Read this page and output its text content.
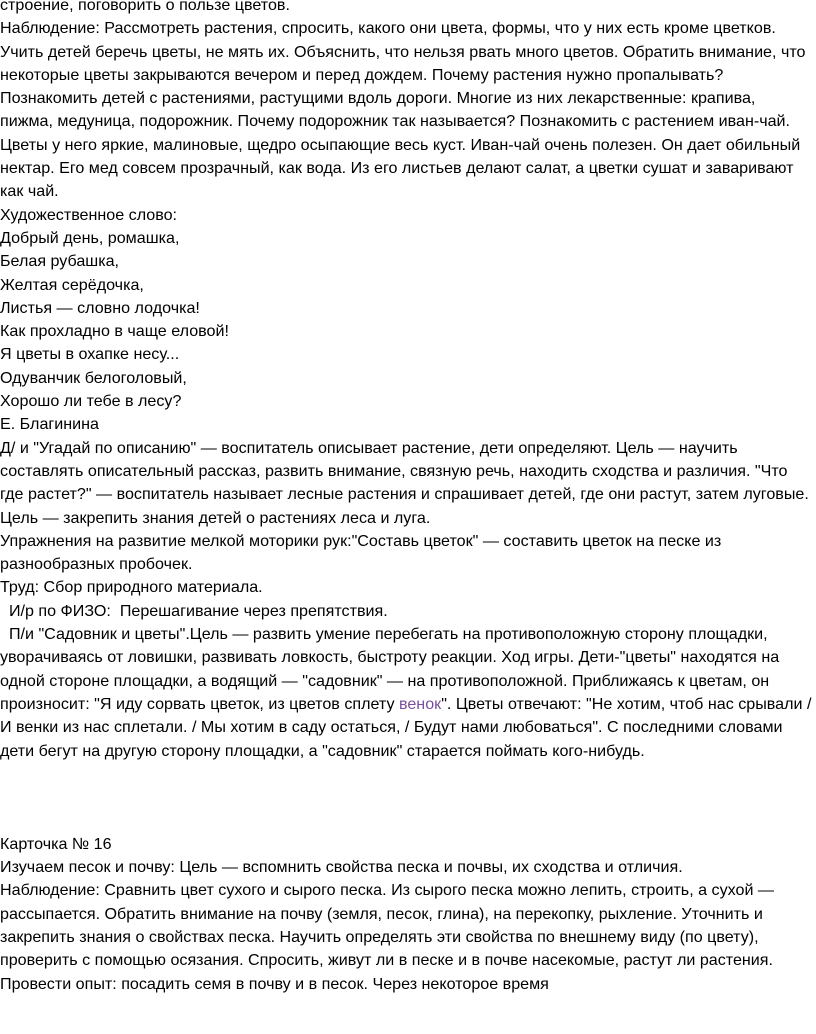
строение, поговорить о пользе цветов.

Наблюдение: Рассмотреть растения, спросить, какого они цвета, формы, что у них есть кроме цветков. Учить детей беречь цветы, не мять их. Объяснить, что нельзя рвать много цветов. Обратить внимание, что некоторые цветы закрываются вечером и перед дождем. Почему растения нужно пропалывать? Познакомить детей с растениями, растущими вдоль дороги. Многие из них лекарственные: крапива, пижма, медуница, подорожник. Почему подорожник так называется? Познакомить с растением иван-чай. Цветы у него яркие, малиновые, щедро осыпающие весь куст. Иван-чай очень полезен. Он дает обильный нектар. Его мед совсем прозрачный, как вода. Из его листьев делают салат, а цветки сушат и заваривают как чай.

Художественное слово:

Добрый день, ромашка,

Белая рубашка,

Желтая серёдочка,

Листья — словно лодочка!

Как прохладно в чаще еловой!

Я цветы в охапке несу...

Одуванчик белоголовый,

Хорошо ли тебе в лесу?

Е. Благинина

Д/ и "Угадай по описанию" — воспитатель описывает растение, дети определяют. Цель — научить составлять описательный рассказ, развить внимание, связную речь, находить сходства и различия. "Что где растет?" — воспитатель называет лесные растения и спрашивает детей, где они растут, затем луговые. Цель — закрепить знания детей о растениях леса и луга.

Упражнения на развитие мелкой моторики рук:"Составь цветок" — составить цветок на песке из разнообразных пробочек.

Труд: Сбор природного материала.

И/р по ФИЗО:  Перешагивание через препятствия.

П/и "Садовник и цветы".Цель — развить умение перебегать на противоположную сторону площадки, уворачиваясь от ловишки, развивать ловкость, быстроту реакции. Ход игры. Дети-"цветы" находятся на одной стороне площадки, а водящий — "садовник" — на противоположной. Приближаясь к цветам, он произносит: "Я иду сорвать цветок, из цветов сплету венок". Цветы отвечают: "Не хотим, чтоб нас срывали / И венки из нас сплетали. / Мы хотим в саду остаться, / Будут нами любоваться". С последними словами дети бегут на другую сторону площадки, а "садовник" старается поймать кого-нибудь.

Карточка № 16

Изучаем песок и почву: Цель — вспомнить свойства песка и почвы, их сходства и отличия.

Наблюдение: Сравнить цвет сухого и сырого песка. Из сырого песка можно лепить, строить, а сухой — рассыпается. Обратить внимание на почву (земля, песок, глина), на перекопку, рыхление. Уточнить и закрепить знания о свойствах песка. Научить определять эти свойства по внешнему виду (по цвету), проверить с помощью осязания. Спросить, живут ли в песке и в почве насекомые, растут ли растения. Провести опыт: посадить семя в почву и в песок. Через некоторое время
